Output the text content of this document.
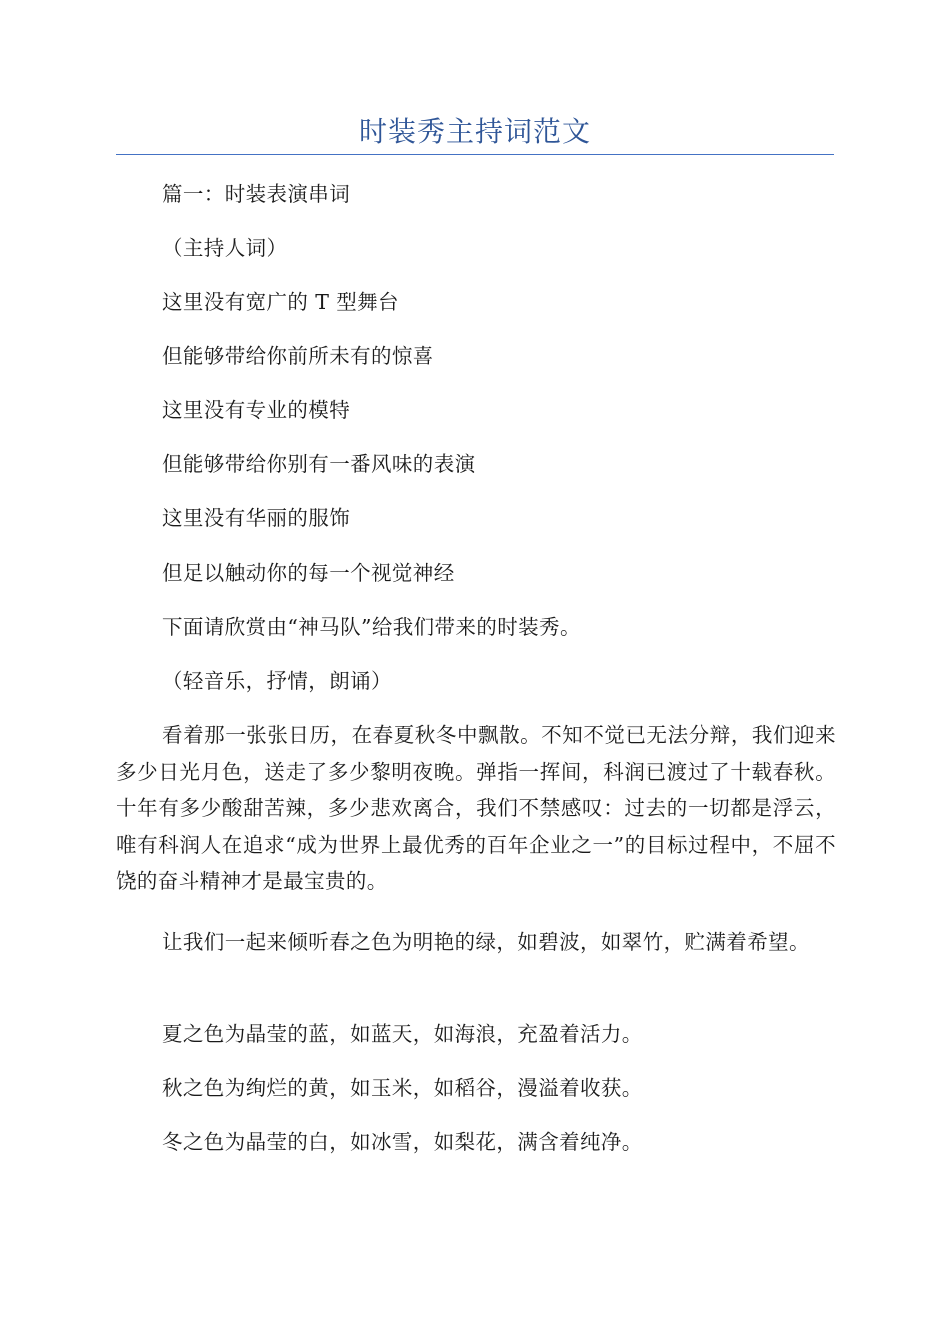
时装秀主持词范文
篇一：时装表演串词
（主持人词）
这里没有宽广的 T 型舞台
但能够带给你前所未有的惊喜
这里没有专业的模特
但能够带给你别有一番风味的表演
这里没有华丽的服饰
但足以触动你的每一个视觉神经
下面请欣赏由“神马队”给我们带来的时装秀。
（轻音乐，抒情，朗诵）
看着那一张张日历，在春夏秋冬中飘散。不知不觉已无法分辩，我们迎来多少日光月色，送走了多少黎明夜晚。弹指一挥间，科润已渡过了十载春秋。十年有多少酸甜苦辣，多少悲欢离合，我们不禁感叹：过去的一切都是浮云，唯有科润人在追求“成为世界上最优秀的百年企业之一”的目标过程中，不屈不饶的奋斗精神才是最宝贵的。
让我们一起来倾听春之色为明艳的绿，如碧波，如翠竹，贮满着希望。
夏之色为晶莹的蓝，如蓝天，如海浪，充盈着活力。
秋之色为绚烂的黄，如玉米，如稻谷，漫溢着收获。
冬之色为晶莹的白，如冰雪，如梨花，满含着纯净。
